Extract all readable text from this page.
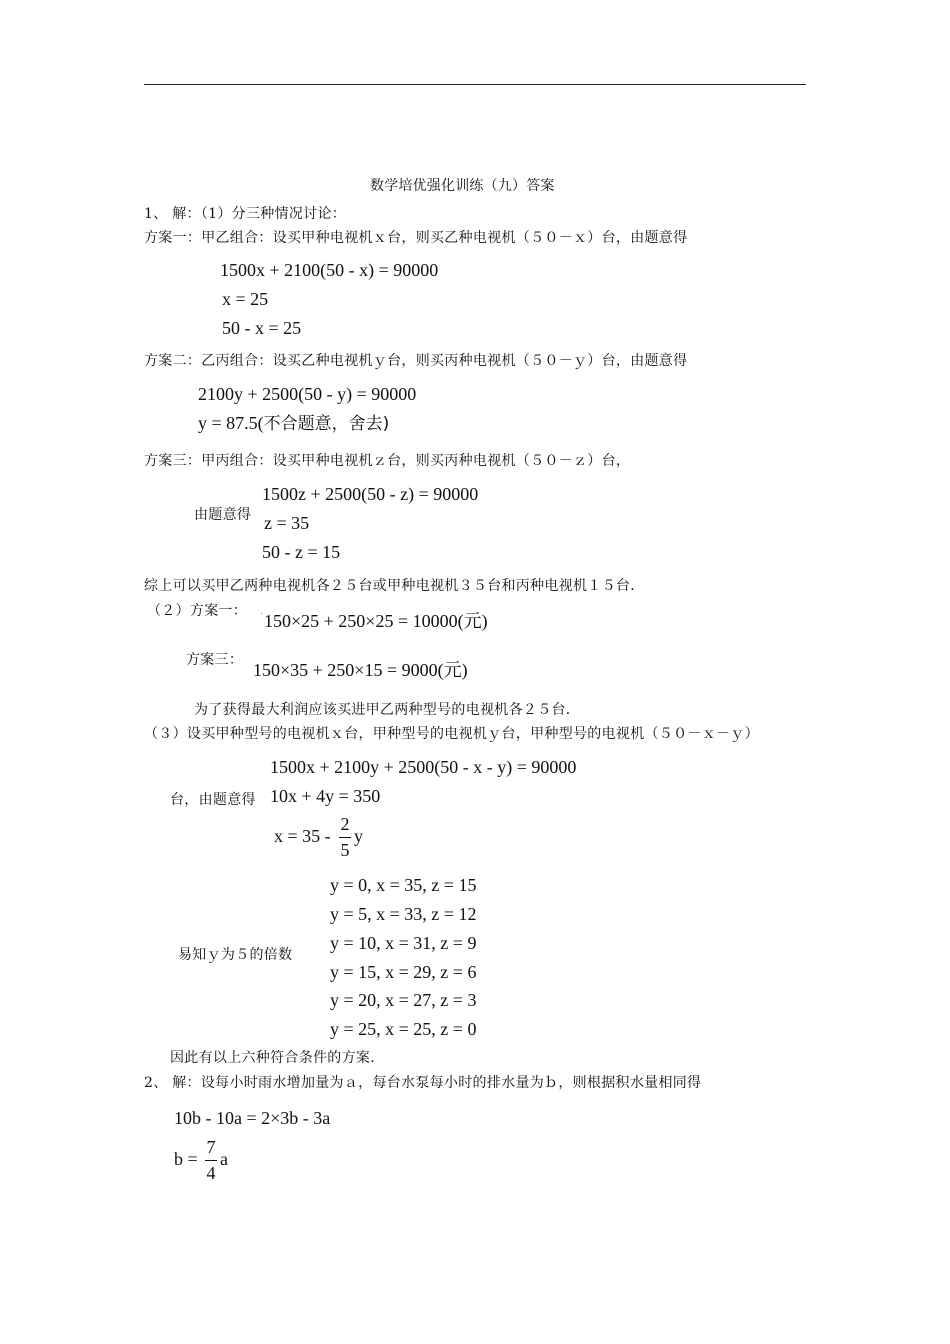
数学培优强化训练（九）答案
1、 解：（1）分三种情况讨论：
方案一：甲乙组合：设买甲种电视机ｘ台，则买乙种电视机（５０－ｘ）台，由题意得
1500x + 2100(50 - x) = 90000
x = 25
50 - x = 25
方案二：乙丙组合：设买乙种电视机ｙ台，则买丙种电视机（５０－ｙ）台，由题意得
2100y + 2500(50 - y) = 90000
y = 87.5(不合题意，舍去)
方案三：甲丙组合：设买甲种电视机ｚ台，则买丙种电视机（５０－ｚ）台，
1500z + 2500(50 - z) = 90000
由题意得 z = 35
50 - z = 15
综上可以买甲乙两种电视机各２５台或甲种电视机３５台和丙种电视机１５台．
（２）方案一： · 150×25 + 250×25 = 10000(元)
方案三： 150×35 + 250×15 = 9000(元)
为了获得最大利润应该买进甲乙两种型号的电视机各２５台．
（３）设买甲种型号的电视机ｘ台，甲种型号的电视机ｙ台，甲种型号的电视机（５０－ｘ－ｙ）
1500x + 2100y + 2500(50 - x - y) = 90000
台，由题意得 10x + 4y = 350
x = 35 -
2
5
y
易知ｙ为５的倍数
y = 0, x = 35, z = 15
y = 5, x = 33, z = 12
y = 10, x = 31, z = 9
y = 15, x = 29, z = 6
y = 20, x = 27, z = 3
y = 25, x = 25, z = 0
因此有以上六种符合条件的方案．
2、 解：设每小时雨水增加量为ａ，每台水泵每小时的排水量为ｂ，则根据积水量相同得
10b - 10a = 2×3b - 3a
b =
7
4
a
